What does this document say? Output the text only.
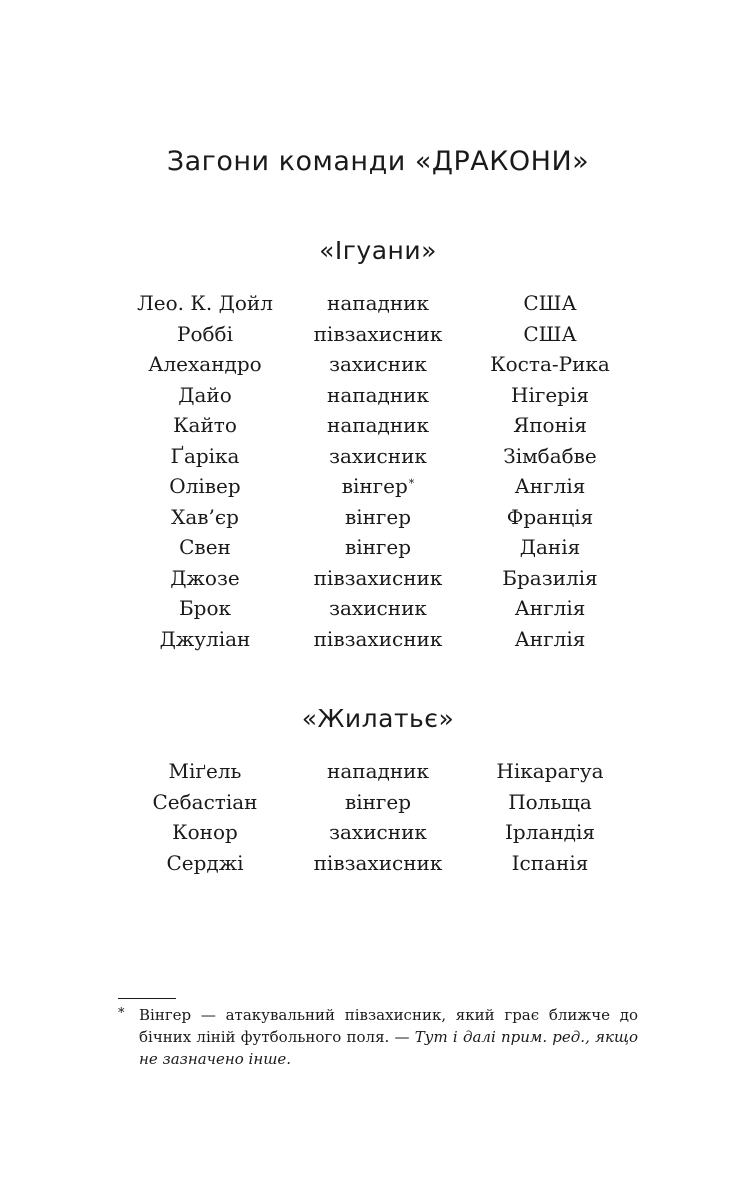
Загони команди «ДРАКОНИ»
«Ігуани»
Лео. К. Дойл	нападник	США
Роббі	півзахисник	США
Алехандро	захисник	Коста-Рика
Дайо	нападник	Нігерія
Кайто	нападник	Японія
Ґаріка	захисник	Зімбабве
Олівер	вінгер*	Англія
Хав’єр	вінгер	Франція
Свен	вінгер	Данія
Джозе	півзахисник	Бразилія
Брок	захисник	Англія
Джуліан	півзахисник	Англія
«Жилатьє»
Міґель	нападник	Нікарагуа
Себастіан	вінгер	Польща
Конор	захисник	Ірландія
Серджі	півзахисник	Іспанія
* Вінгер — атакувальний півзахисник, який грає ближче до бічних ліній футбольного поля. — Тут і далі прим. ред., якщо не зазначено інше.
